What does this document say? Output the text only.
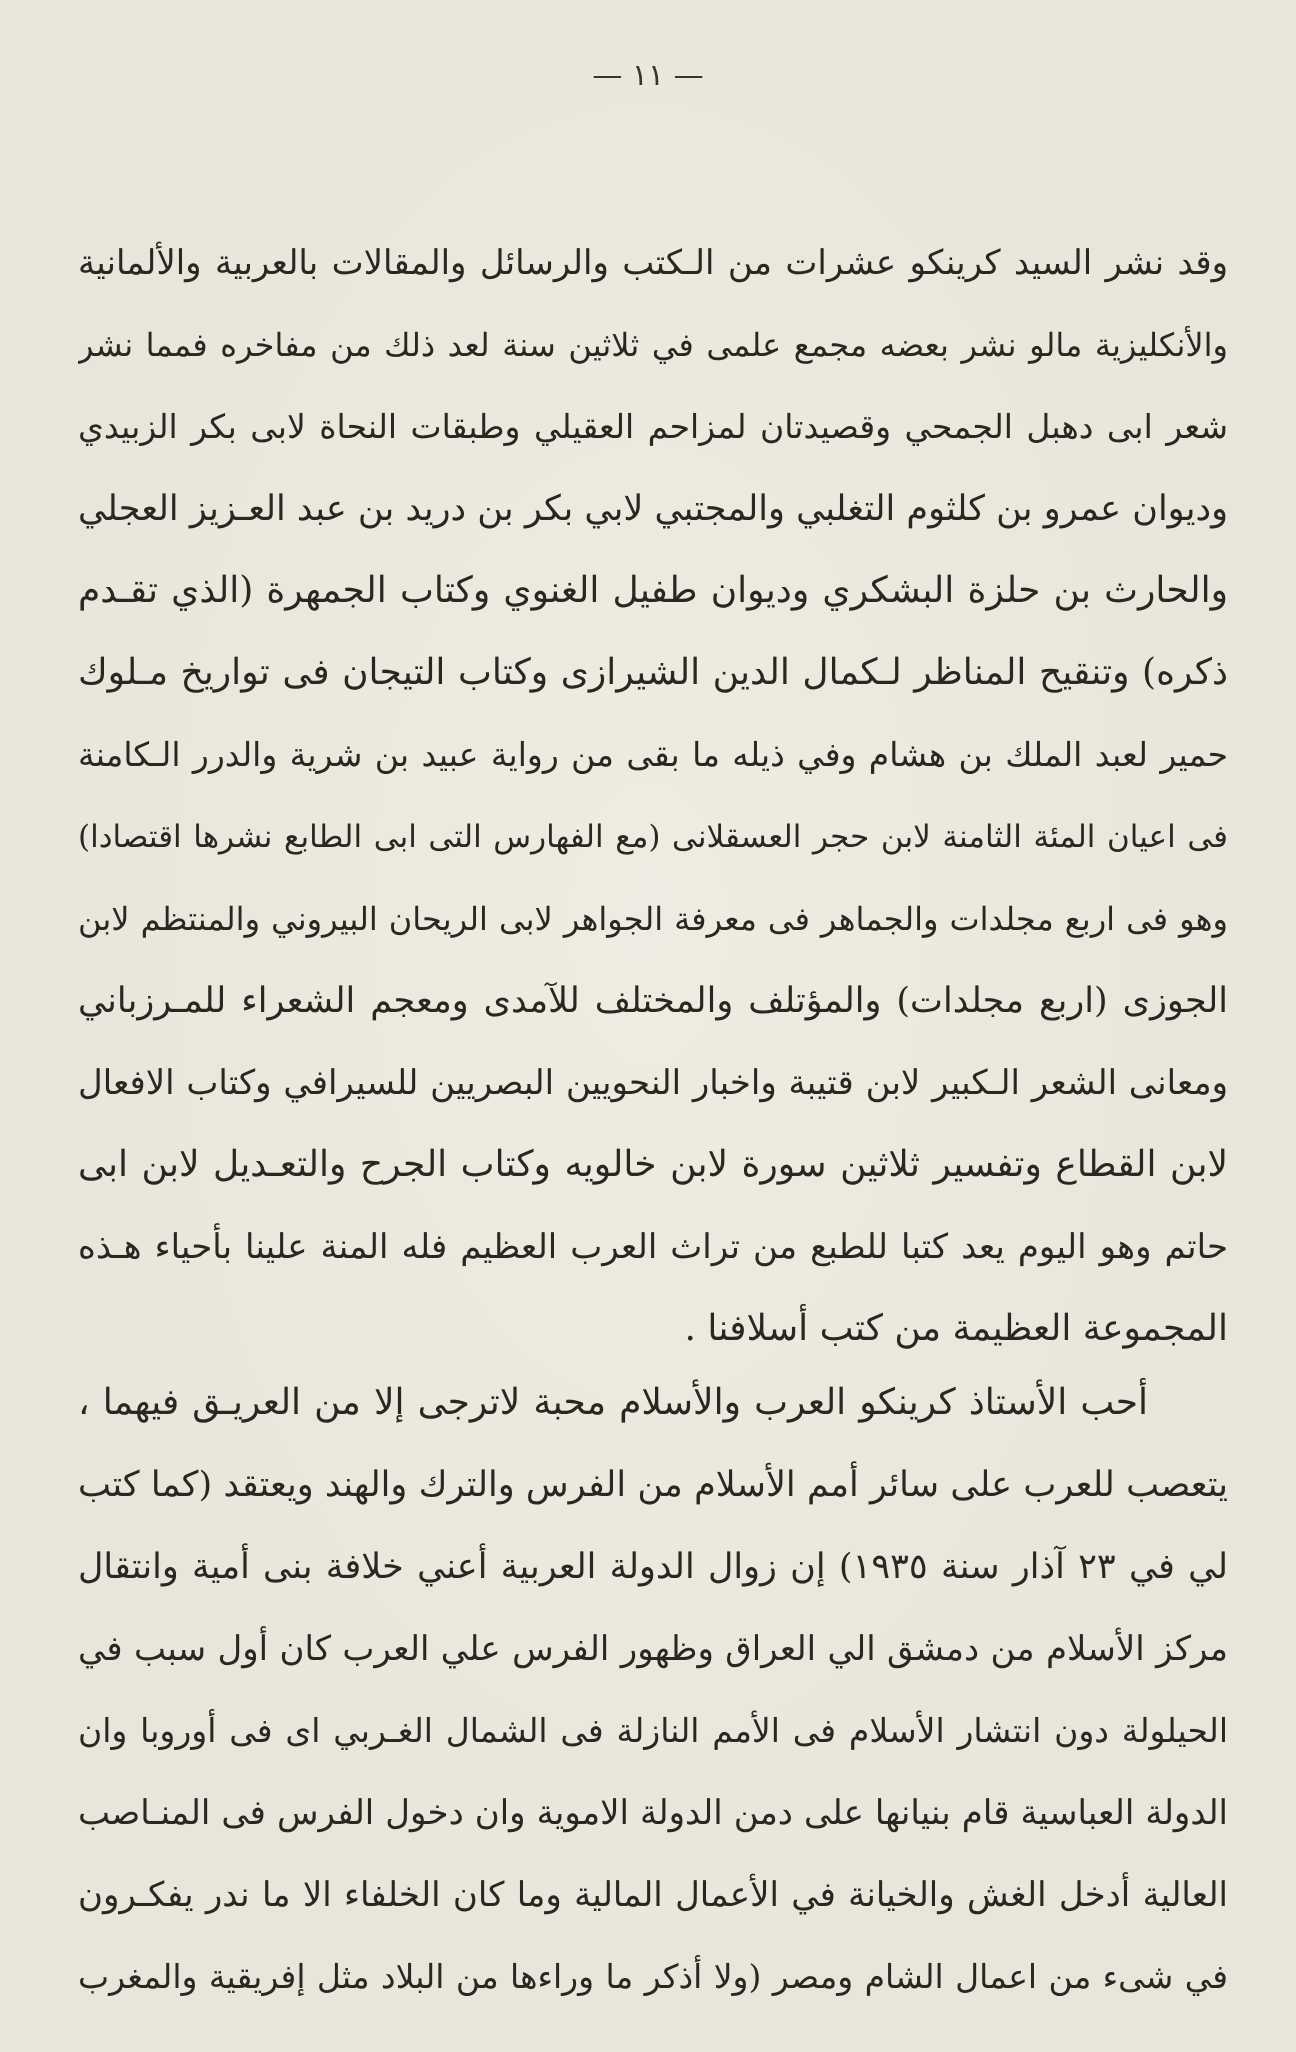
— ١١ —
وقد نشر السيد كرينكو عشرات من الـكتب والرسائل والمقالات بالعربية والألمانية
والأنكليزية مالو نشر بعضه مجمع علمى في ثلاثين سنة لعد ذلك من مفاخره فمما نشر
شعر ابى دهبل الجمحي وقصيدتان لمزاحم العقيلي وطبقات النحاة لابى بكر الزبيدي
وديوان عمرو بن كلثوم التغلبي والمجتبي لابي بكر بن دريد بن عبد العـزيز العجلي
والحارث بن حلزة البشكري وديوان طفيل الغنوي وكتاب الجمهرة (الذي تقـدم
ذكره) وتنقيح المناظر لـكمال الدين الشيرازى وكتاب التيجان فى تواريخ مـلوك
حمير لعبد الملك بن هشام وفي ذيله ما بقى من رواية عبيد بن شرية والدرر الـكامنة
فى اعيان المئة الثامنة لابن حجر العسقلانى (مع الفهارس التى ابى الطابع نشرها اقتصادا)
وهو فى اربع مجلدات والجماهر فى معرفة الجواهر لابى الريحان البيروني والمنتظم لابن
الجوزى (اربع مجلدات) والمؤتلف والمختلف للآمدى ومعجم الشعراء للمـرزباني
ومعانى الشعر الـكبير لابن قتيبة واخبار النحويين البصريين للسيرافي وكتاب الافعال
لابن القطاع وتفسير ثلاثين سورة لابن خالويه وكتاب الجرح والتعـديل لابن ابى
حاتم وهو اليوم يعد كتبا للطبع من تراث العرب العظيم فله المنة علينا بأحياء هـذه
المجموعة العظيمة من كتب أسلافنا .
أحب الأستاذ كرينكو العرب والأسلام محبة لاترجى إلا من العريـق فيهما ،
يتعصب للعرب على سائر أمم الأسلام من الفرس والترك والهند ويعتقد (كما كتب
لي في ٢٣ آذار سنة ١٩٣٥) إن زوال الدولة العربية أعني خلافة بنى أمية وانتقال
مركز الأسلام من دمشق الي العراق وظهور الفرس علي العرب كان أول سبب في
الحيلولة دون انتشار الأسلام فى الأمم النازلة فى الشمال الغـربي اى فى أوروبا وان
الدولة العباسية قام بنيانها على دمن الدولة الاموية وان دخول الفرس فى المنـاصب
العالية أدخل الغش والخيانة في الأعمال المالية وما كان الخلفاء الا ما ندر يفكـرون
في شىء من اعمال الشام ومصر (ولا أذكر ما وراءها من البلاد مثل إفريقية والمغرب
